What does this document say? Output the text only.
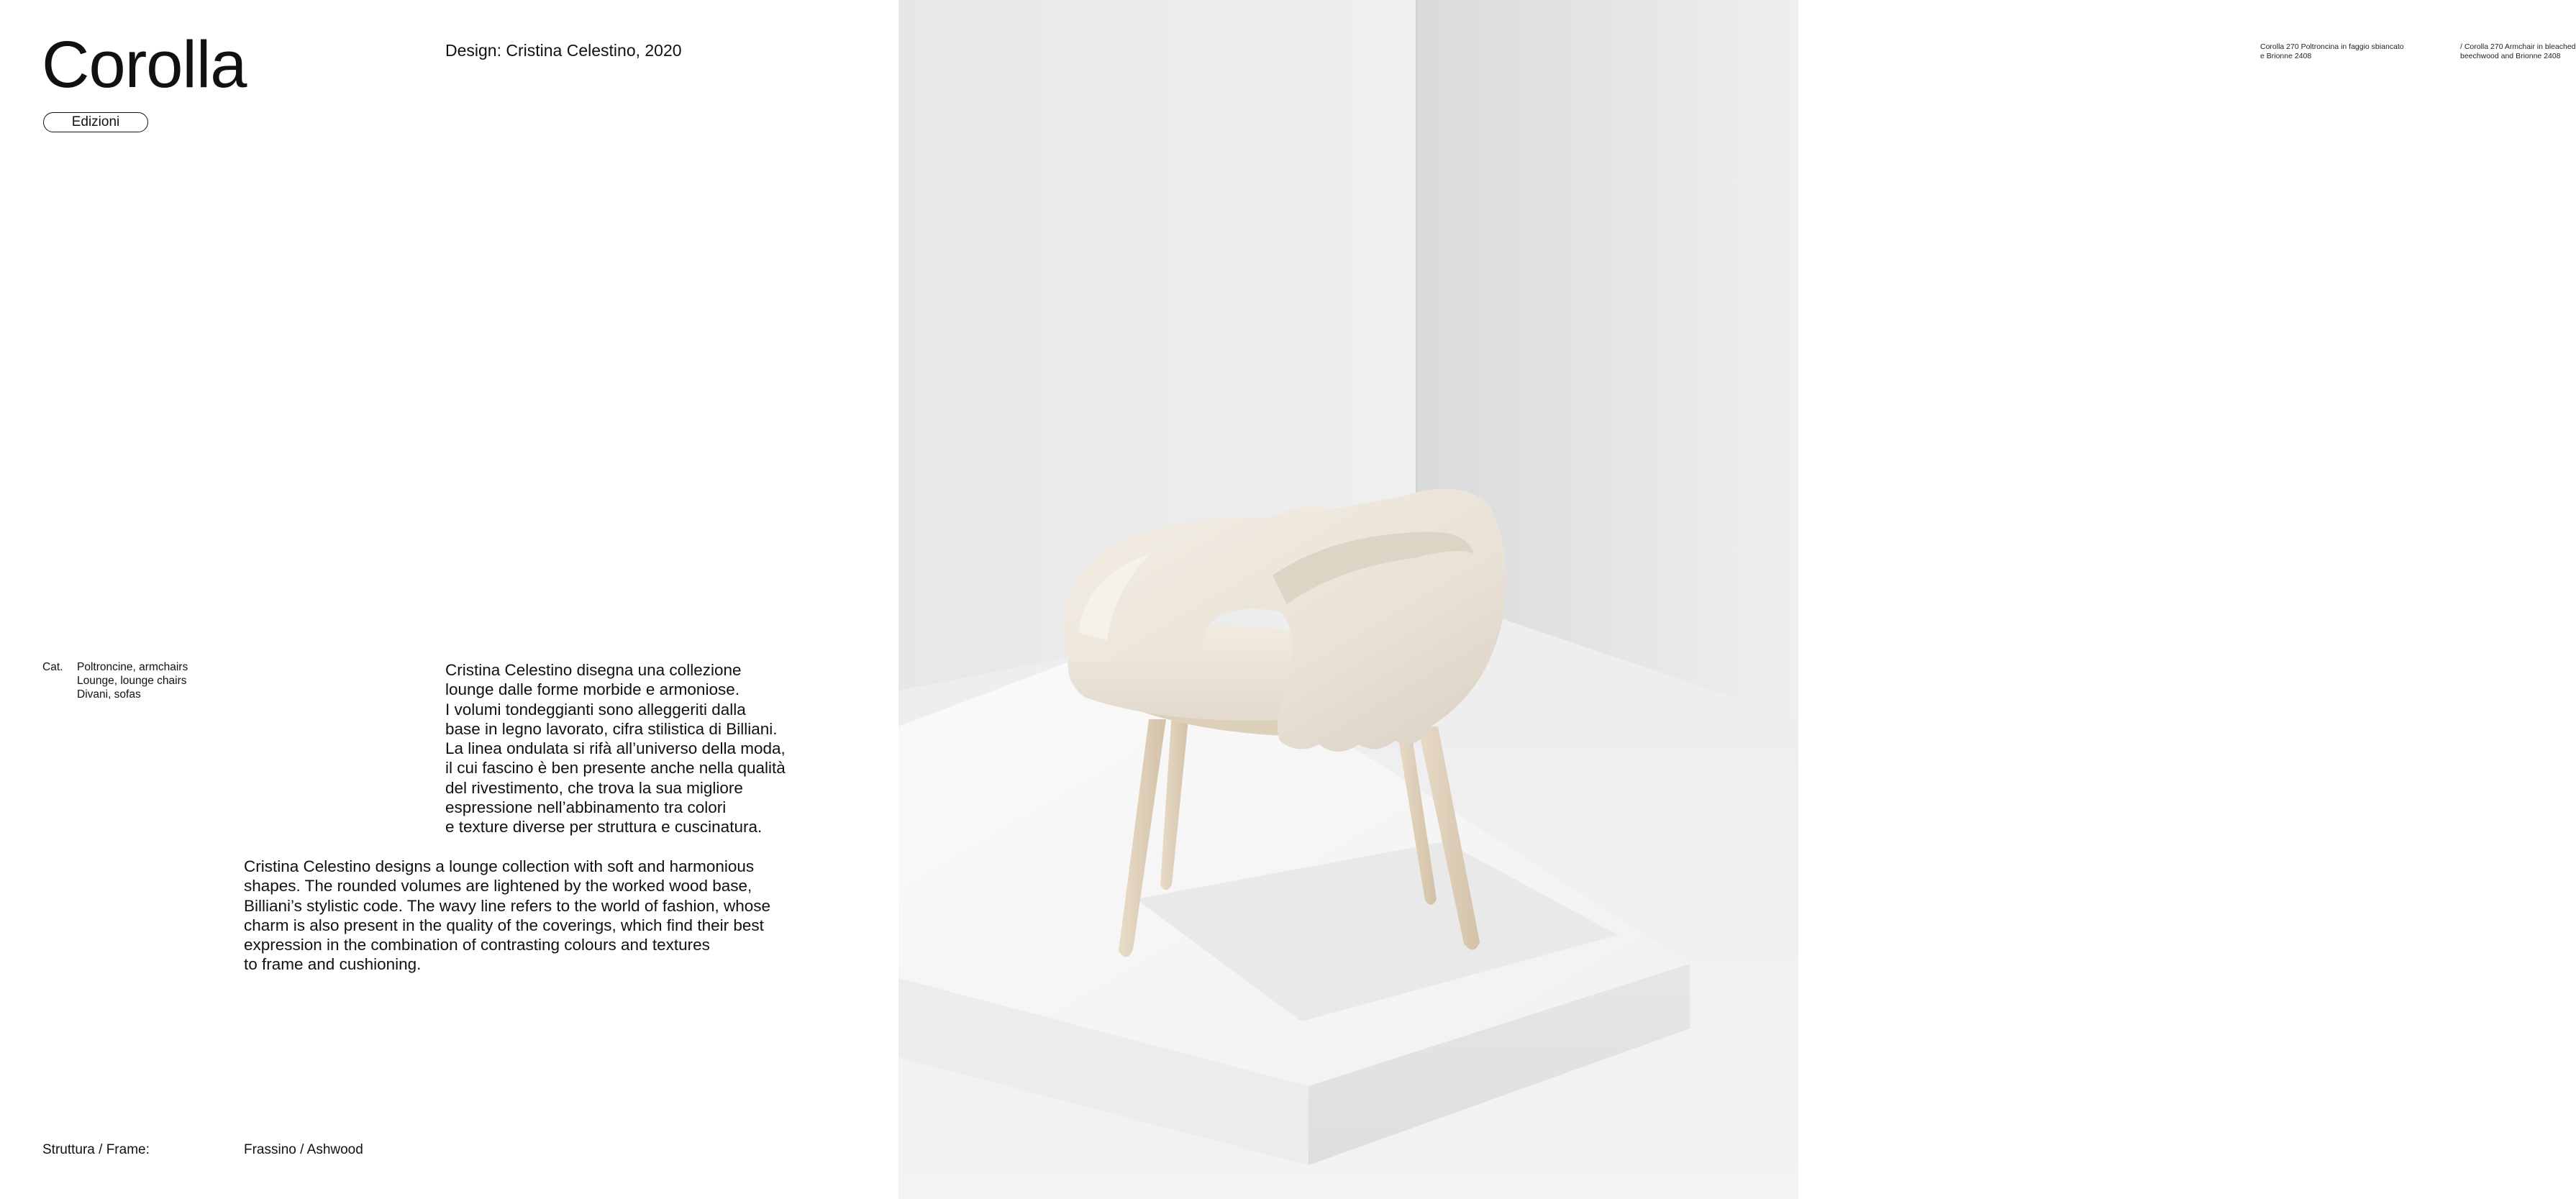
Corolla
Edizioni
Design: Cristina Celestino, 2020
Cat. Poltroncine, armchairs
Lounge, lounge chairs
Divani, sofas

Cristina Celestino disegna una collezione
lounge dalle forme morbide e armoniose.
I volumi tondeggianti sono alleggeriti dalla
base in legno lavorato, cifra stilistica di Billiani.
La linea ondulata si rifà all’universo della moda,
il cui fascino è ben presente anche nella qualità
del rivestimento, che trova la sua migliore
espressione nell’abbinamento tra colori
e texture diverse per struttura e cuscinatura.

Cristina Celestino designs a lounge collection with soft and harmonious
shapes. The rounded volumes are lightened by the worked wood base,
Billiani’s stylistic code. The wavy line refers to the world of fashion, whose
charm is also present in the quality of the coverings, which find their best
expression in the combination of contrasting colours and textures
to frame and cushioning.

Struttura / Frame:	Frassino / Ashwood
Corolla 270 Poltroncina in faggio sbiancato
e Brionne 2408
/ Corolla 270 Armchair in bleached
beechwood and Brionne 2408
